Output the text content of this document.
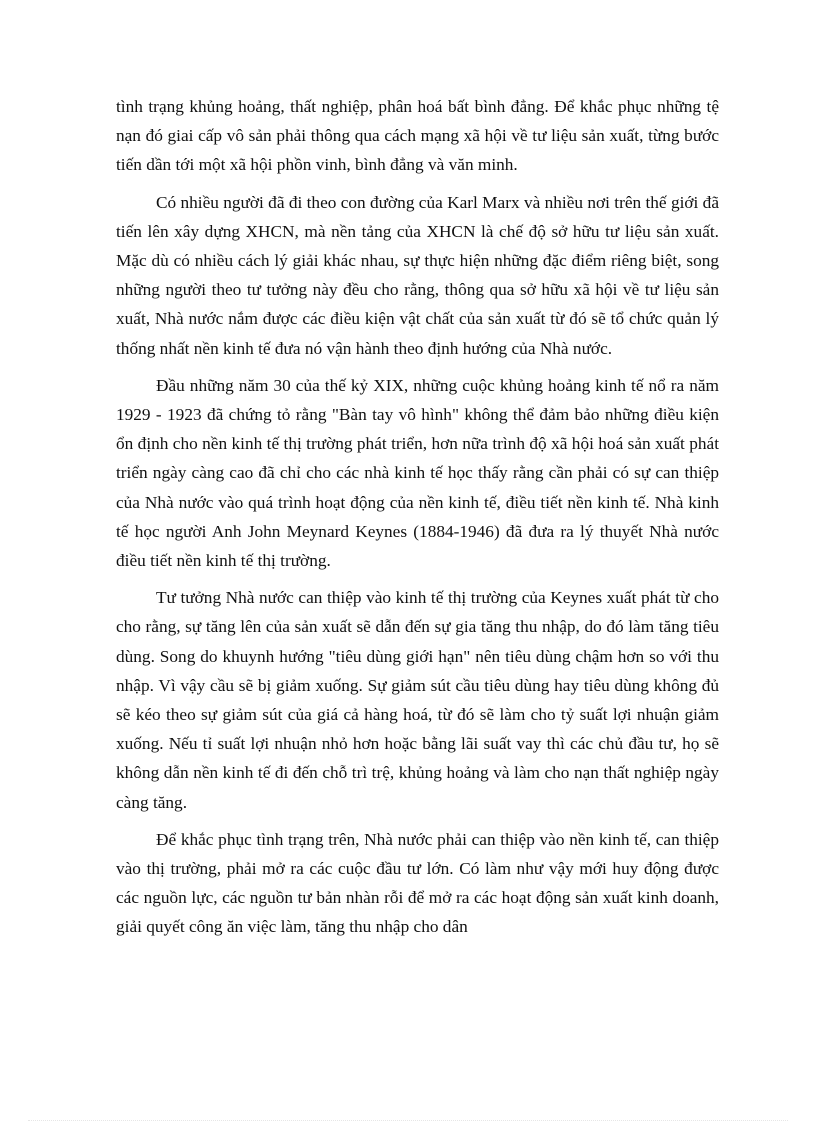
tình trạng khủng hoảng, thất nghiệp, phân hoá bất bình đẳng. Để khắc phục những tệ nạn đó giai cấp vô sản phải thông qua cách mạng xã hội về tư liệu sản xuất, từng bước tiến dần tới một xã hội phồn vinh, bình đẳng và văn minh.

Có nhiều người đã đi theo con đường của Karl Marx và nhiều nơi trên thế giới đã tiến lên xây dựng XHCN, mà nền tảng của XHCN là chế độ sở hữu tư liệu sản xuất. Mặc dù có nhiều cách lý giải khác nhau, sự thực hiện những đặc điểm riêng biệt, song những người theo tư tưởng này đều cho rằng, thông qua sở hữu xã hội về tư liệu sản xuất, Nhà nước nắm được các điều kiện vật chất của sản xuất từ đó sẽ tổ chức quản lý thống nhất nền kinh tế đưa nó vận hành theo định hướng của Nhà nước.

Đầu những năm 30 của thế kỷ XIX, những cuộc khủng hoảng kinh tế nổ ra năm 1929 - 1923 đã chứng tỏ rằng "Bàn tay vô hình" không thể đảm bảo những điều kiện ổn định cho nền kinh tế thị trường phát triển, hơn nữa trình độ xã hội hoá sản xuất phát triển ngày càng cao đã chỉ cho các nhà kinh tế học thấy rằng cần phải có sự can thiệp của Nhà nước vào quá trình hoạt động của nền kinh tế, điều tiết nền kinh tế. Nhà kinh tế học người Anh John Meynard Keynes (1884-1946) đã đưa ra lý thuyết Nhà nước điều tiết nền kinh tế thị trường.

Tư tưởng Nhà nước can thiệp vào kinh tế thị trường của Keynes xuất phát từ cho cho rằng, sự tăng lên của sản xuất sẽ dẫn đến sự gia tăng thu nhập, do đó làm tăng tiêu dùng. Song do khuynh hướng "tiêu dùng giới hạn" nên tiêu dùng chậm hơn so với thu nhập. Vì vậy cầu sẽ bị giảm xuống. Sự giảm sút cầu tiêu dùng hay tiêu dùng không đủ sẽ kéo theo sự giảm sút của giá cả hàng hoá, từ đó sẽ làm cho tỷ suất lợi nhuận giảm xuống. Nếu tỉ suất lợi nhuận nhỏ hơn hoặc bằng lãi suất vay thì các chủ đầu tư, họ sẽ không dẫn nền kinh tế đi đến chỗ trì trệ, khủng hoảng và làm cho nạn thất nghiệp ngày càng tăng.

Để khắc phục tình trạng trên, Nhà nước phải can thiệp vào nền kinh tế, can thiệp vào thị trường, phải mở ra các cuộc đầu tư lớn. Có làm như vậy mới huy động được các nguồn lực, các nguồn tư bản nhàn rỗi để mở ra các hoạt động sản xuất kinh doanh, giải quyết công ăn việc làm, tăng thu nhập cho dân
